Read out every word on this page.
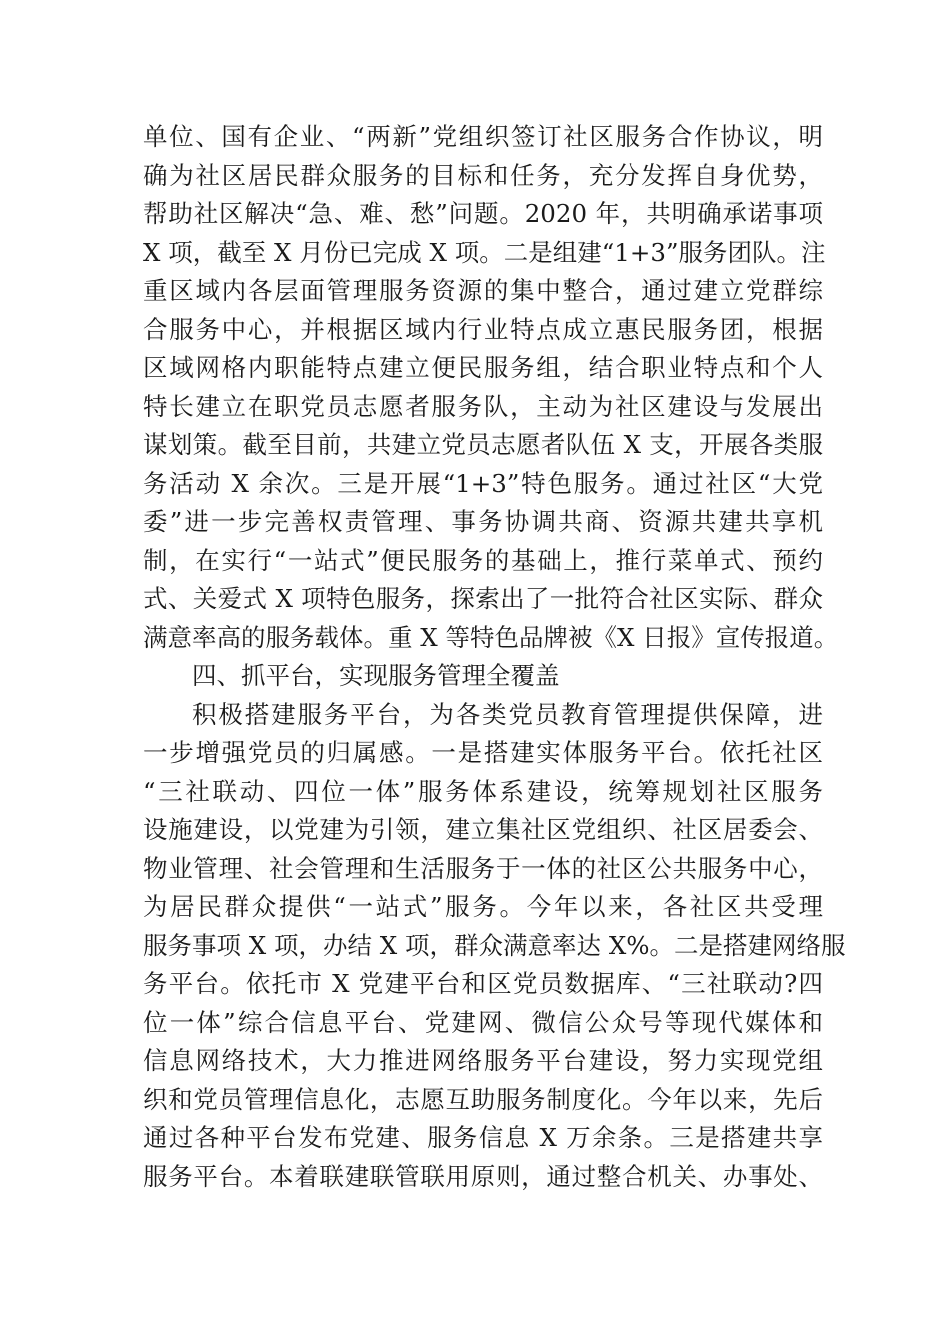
单位、国有企业、“两新”党组织签订社区服务合作协议，明
确为社区居民群众服务的目标和任务，充分发挥自身优势，
帮助社区解决“急、难、愁”问题。2020 年，共明确承诺事项
X 项，截至 X 月份已完成 X 项。二是组建“1+3”服务团队。注
重区域内各层面管理服务资源的集中整合，通过建立党群综
合服务中心，并根据区域内行业特点成立惠民服务团，根据
区域网格内职能特点建立便民服务组，结合职业特点和个人
特长建立在职党员志愿者服务队，主动为社区建设与发展出
谋划策。截至目前，共建立党员志愿者队伍 X 支，开展各类服
务活动 X 余次。三是开展“1+3”特色服务。通过社区“大党
委”进一步完善权责管理、事务协调共商、资源共建共享机
制，在实行“一站式”便民服务的基础上，推行菜单式、预约
式、关爱式 X 项特色服务，探索出了一批符合社区实际、群众
满意率高的服务载体。重 X 等特色品牌被《X 日报》宣传报道。
四、抓平台，实现服务管理全覆盖
积极搭建服务平台，为各类党员教育管理提供保障，进
一步增强党员的归属感。一是搭建实体服务平台。依托社区
“三社联动、四位一体”服务体系建设，统筹规划社区服务
设施建设，以党建为引领，建立集社区党组织、社区居委会、
物业管理、社会管理和生活服务于一体的社区公共服务中心，
为居民群众提供“一站式”服务。今年以来，各社区共受理
服务事项 X 项，办结 X 项，群众满意率达 X%。二是搭建网络服
务平台。依托市 X 党建平台和区党员数据库、“三社联动?四
位一体”综合信息平台、党建网、微信公众号等现代媒体和
信息网络技术，大力推进网络服务平台建设，努力实现党组
织和党员管理信息化，志愿互助服务制度化。今年以来，先后
通过各种平台发布党建、服务信息 X 万余条。三是搭建共享
服务平台。本着联建联管联用原则，通过整合机关、办事处、
